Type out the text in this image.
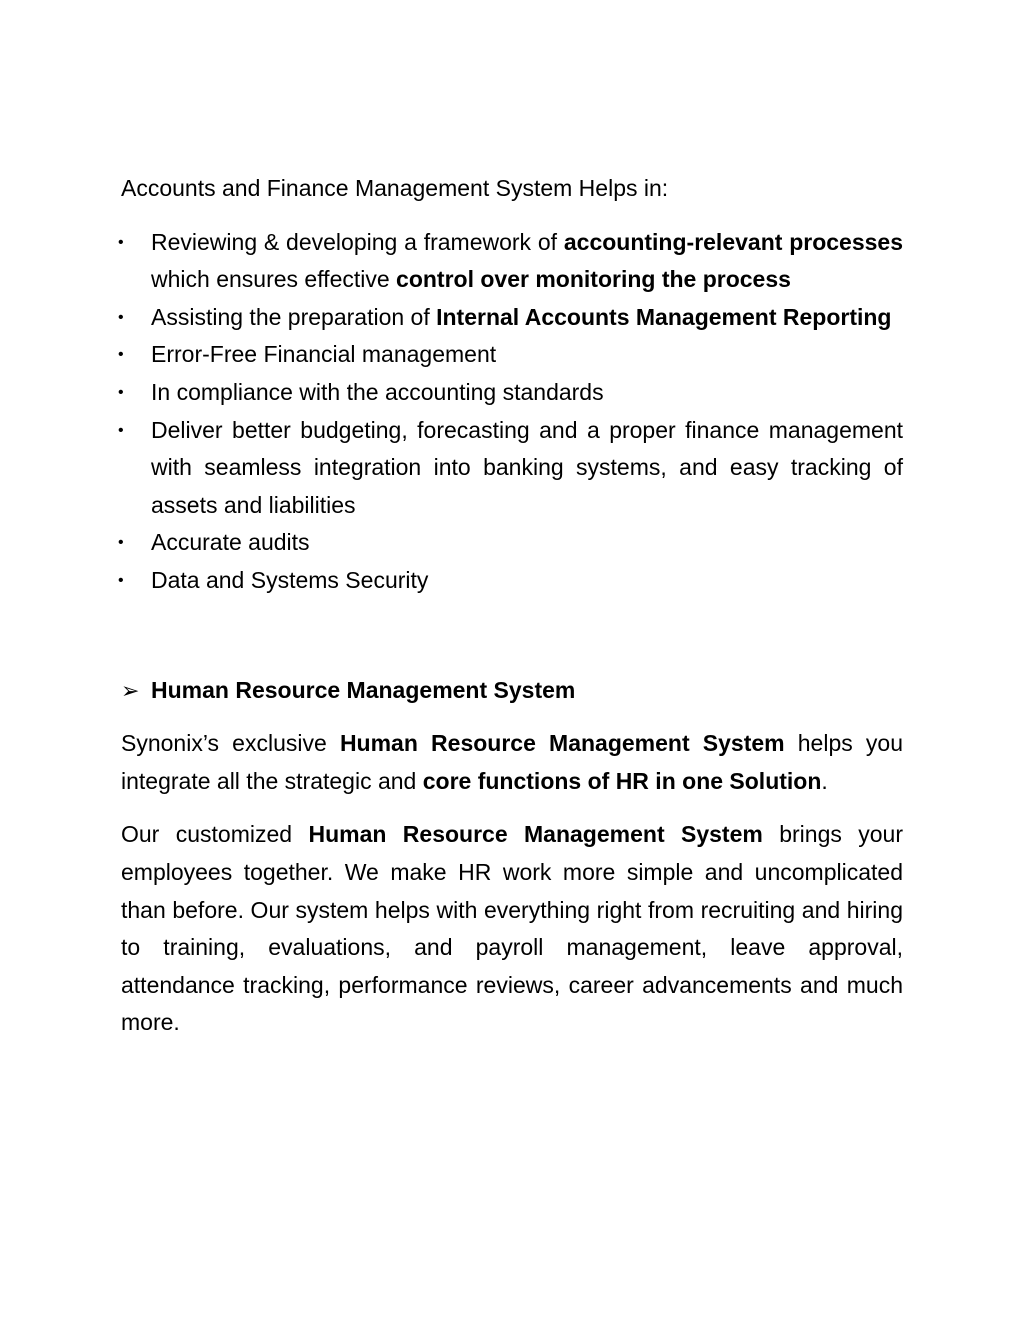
Accounts and Finance Management System Helps in:

• Reviewing & developing a framework of accounting-relevant processes which ensures effective control over monitoring the process
• Assisting the preparation of Internal Accounts Management Reporting
• Error-Free Financial management
• In compliance with the accounting standards
• Deliver better budgeting, forecasting and a proper finance management with seamless integration into banking systems, and easy tracking of assets and liabilities
• Accurate audits
• Data and Systems Security
➢ Human Resource Management System

Synonix’s exclusive Human Resource Management System helps you integrate all the strategic and core functions of HR in one Solution.

Our customized Human Resource Management System brings your employees together. We make HR work more simple and uncomplicated than before. Our system helps with everything right from recruiting and hiring to training, evaluations, and payroll management, leave approval, attendance tracking, performance reviews, career advancements and much more.
